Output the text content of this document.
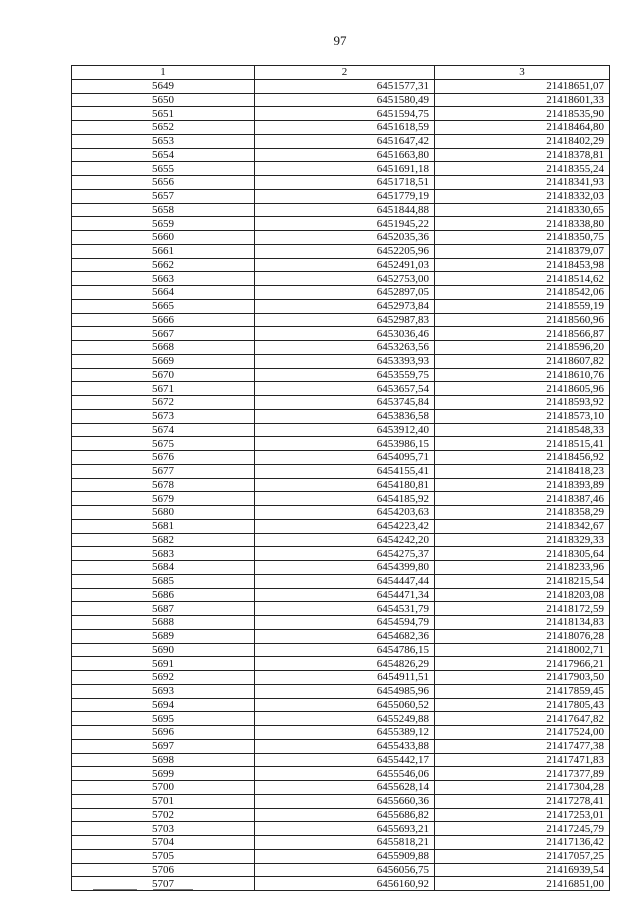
97
1	2	3
5649	6451577,31	21418651,07
5650	6451580,49	21418601,33
5651	6451594,75	21418535,90
5652	6451618,59	21418464,80
5653	6451647,42	21418402,29
5654	6451663,80	21418378,81
5655	6451691,18	21418355,24
5656	6451718,51	21418341,93
5657	6451779,19	21418332,03
5658	6451844,88	21418330,65
5659	6451945,22	21418338,80
5660	6452035,36	21418350,75
5661	6452205,96	21418379,07
5662	6452491,03	21418453,98
5663	6452753,00	21418514,62
5664	6452897,05	21418542,06
5665	6452973,84	21418559,19
5666	6452987,83	21418560,96
5667	6453036,46	21418566,87
5668	6453263,56	21418596,20
5669	6453393,93	21418607,82
5670	6453559,75	21418610,76
5671	6453657,54	21418605,96
5672	6453745,84	21418593,92
5673	6453836,58	21418573,10
5674	6453912,40	21418548,33
5675	6453986,15	21418515,41
5676	6454095,71	21418456,92
5677	6454155,41	21418418,23
5678	6454180,81	21418393,89
5679	6454185,92	21418387,46
5680	6454203,63	21418358,29
5681	6454223,42	21418342,67
5682	6454242,20	21418329,33
5683	6454275,37	21418305,64
5684	6454399,80	21418233,96
5685	6454447,44	21418215,54
5686	6454471,34	21418203,08
5687	6454531,79	21418172,59
5688	6454594,79	21418134,83
5689	6454682,36	21418076,28
5690	6454786,15	21418002,71
5691	6454826,29	21417966,21
5692	6454911,51	21417903,50
5693	6454985,96	21417859,45
5694	6455060,52	21417805,43
5695	6455249,88	21417647,82
5696	6455389,12	21417524,00
5697	6455433,88	21417477,38
5698	6455442,17	21417471,83
5699	6455546,06	21417377,89
5700	6455628,14	21417304,28
5701	6455660,36	21417278,41
5702	6455686,82	21417253,01
5703	6455693,21	21417245,79
5704	6455818,21	21417136,42
5705	6455909,88	21417057,25
5706	6456056,75	21416939,54
5707	6456160,92	21416851,00
